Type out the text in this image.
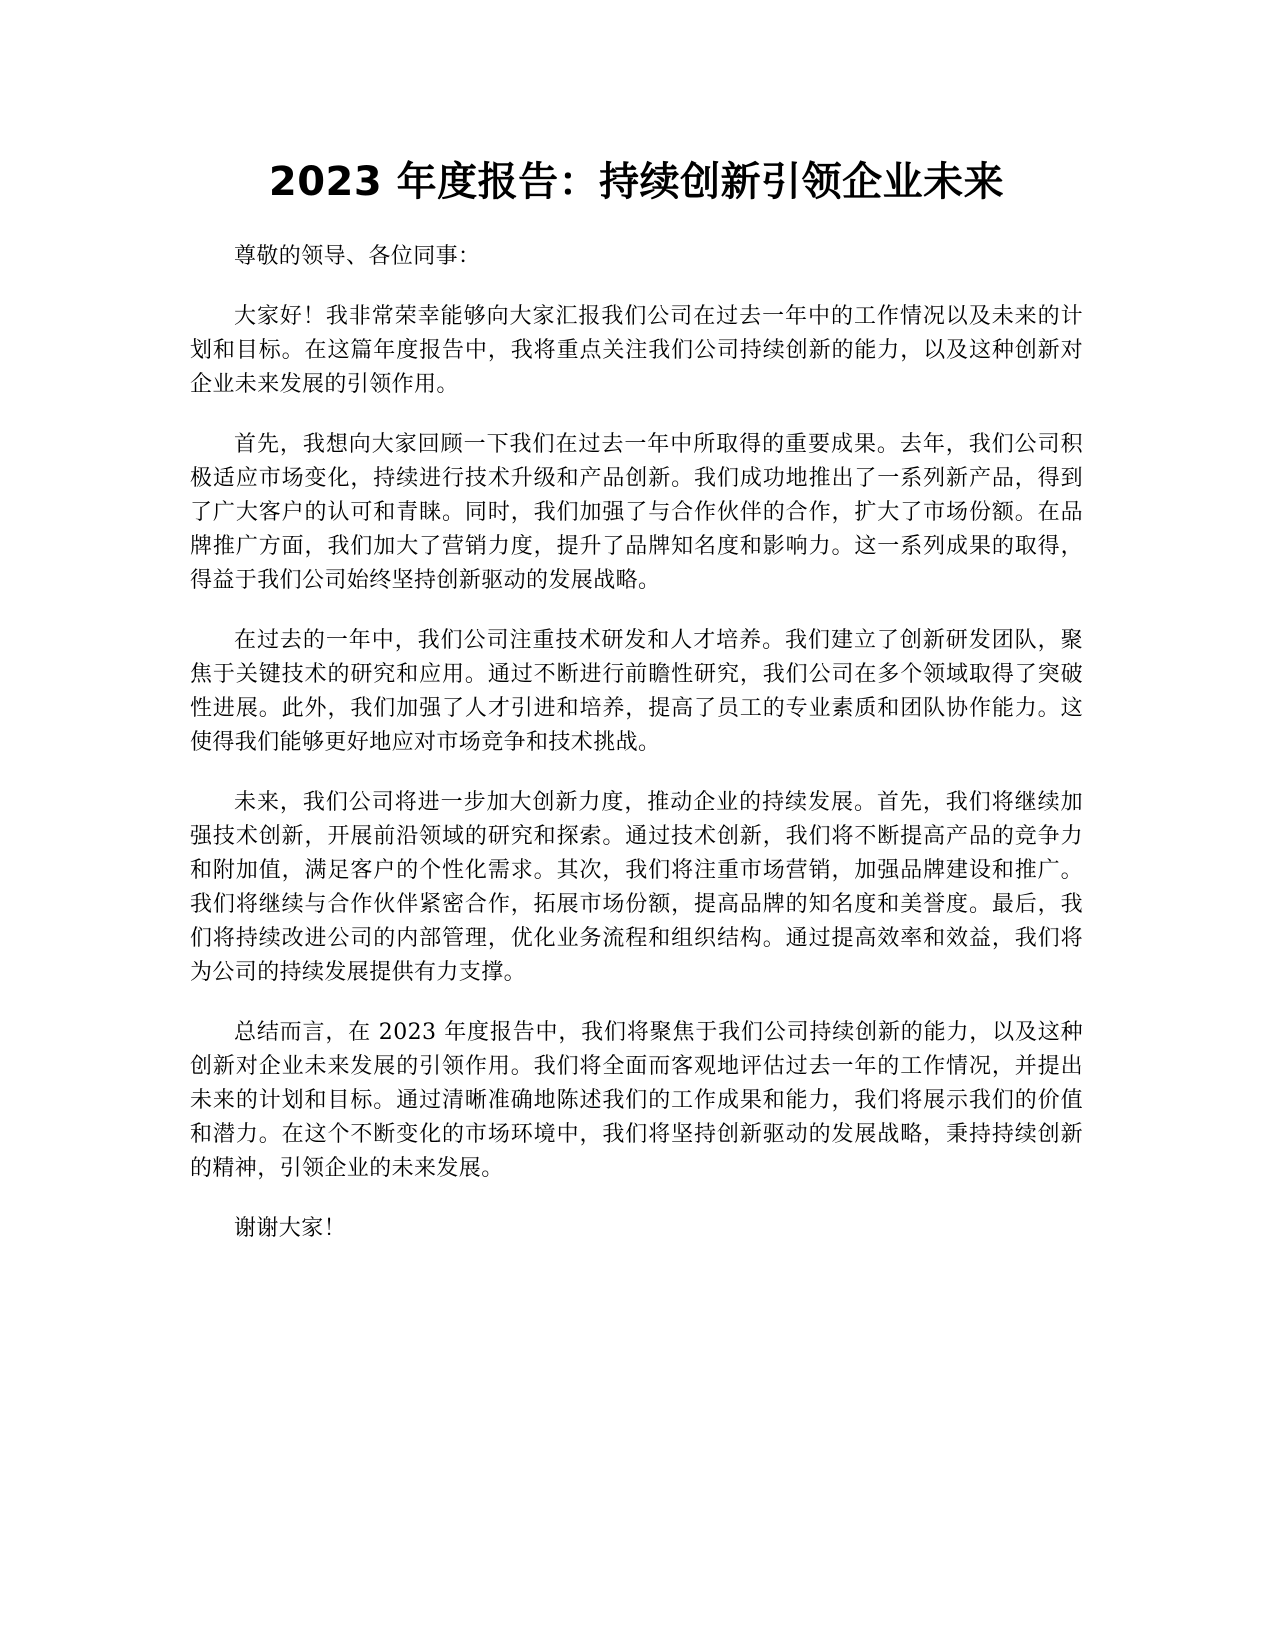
2023 年度报告：持续创新引领企业未来

尊敬的领导、各位同事：

大家好！我非常荣幸能够向大家汇报我们公司在过去一年中的工作情况以及未来的计划和目标。在这篇年度报告中，我将重点关注我们公司持续创新的能力，以及这种创新对企业未来发展的引领作用。

首先，我想向大家回顾一下我们在过去一年中所取得的重要成果。去年，我们公司积极适应市场变化，持续进行技术升级和产品创新。我们成功地推出了一系列新产品，得到了广大客户的认可和青睐。同时，我们加强了与合作伙伴的合作，扩大了市场份额。在品牌推广方面，我们加大了营销力度，提升了品牌知名度和影响力。这一系列成果的取得，得益于我们公司始终坚持创新驱动的发展战略。

在过去的一年中，我们公司注重技术研发和人才培养。我们建立了创新研发团队，聚焦于关键技术的研究和应用。通过不断进行前瞻性研究，我们公司在多个领域取得了突破性进展。此外，我们加强了人才引进和培养，提高了员工的专业素质和团队协作能力。这使得我们能够更好地应对市场竞争和技术挑战。

未来，我们公司将进一步加大创新力度，推动企业的持续发展。首先，我们将继续加强技术创新，开展前沿领域的研究和探索。通过技术创新，我们将不断提高产品的竞争力和附加值，满足客户的个性化需求。其次，我们将注重市场营销，加强品牌建设和推广。我们将继续与合作伙伴紧密合作，拓展市场份额，提高品牌的知名度和美誉度。最后，我们将持续改进公司的内部管理，优化业务流程和组织结构。通过提高效率和效益，我们将为公司的持续发展提供有力支撑。

总结而言，在 2023 年度报告中，我们将聚焦于我们公司持续创新的能力，以及这种创新对企业未来发展的引领作用。我们将全面而客观地评估过去一年的工作情况，并提出未来的计划和目标。通过清晰准确地陈述我们的工作成果和能力，我们将展示我们的价值和潜力。在这个不断变化的市场环境中，我们将坚持创新驱动的发展战略，秉持持续创新的精神，引领企业的未来发展。

谢谢大家！
